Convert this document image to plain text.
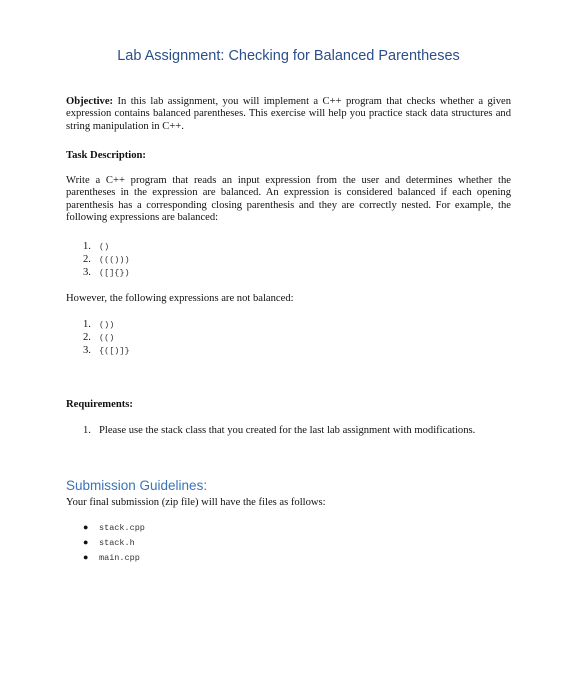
Lab Assignment: Checking for Balanced Parentheses

Objective: In this lab assignment, you will implement a C++ program that checks whether a given expression contains balanced parentheses. This exercise will help you practice stack data structures and string manipulation in C++.

Task Description:

Write a C++ program that reads an input expression from the user and determines whether the parentheses in the expression are balanced. An expression is considered balanced if each opening parenthesis has a corresponding closing parenthesis and they are correctly nested. For example, the following expressions are balanced:

1. ()
2. ((()))
3. ([]{})

However, the following expressions are not balanced:

1. ())
2. (()
3. {([)]}

Requirements:

1. Please use the stack class that you created for the last lab assignment with modifications.
Submission Guidelines:

Your final submission (zip file) will have the files as follows:

● stack.cpp
● stack.h
● main.cpp
